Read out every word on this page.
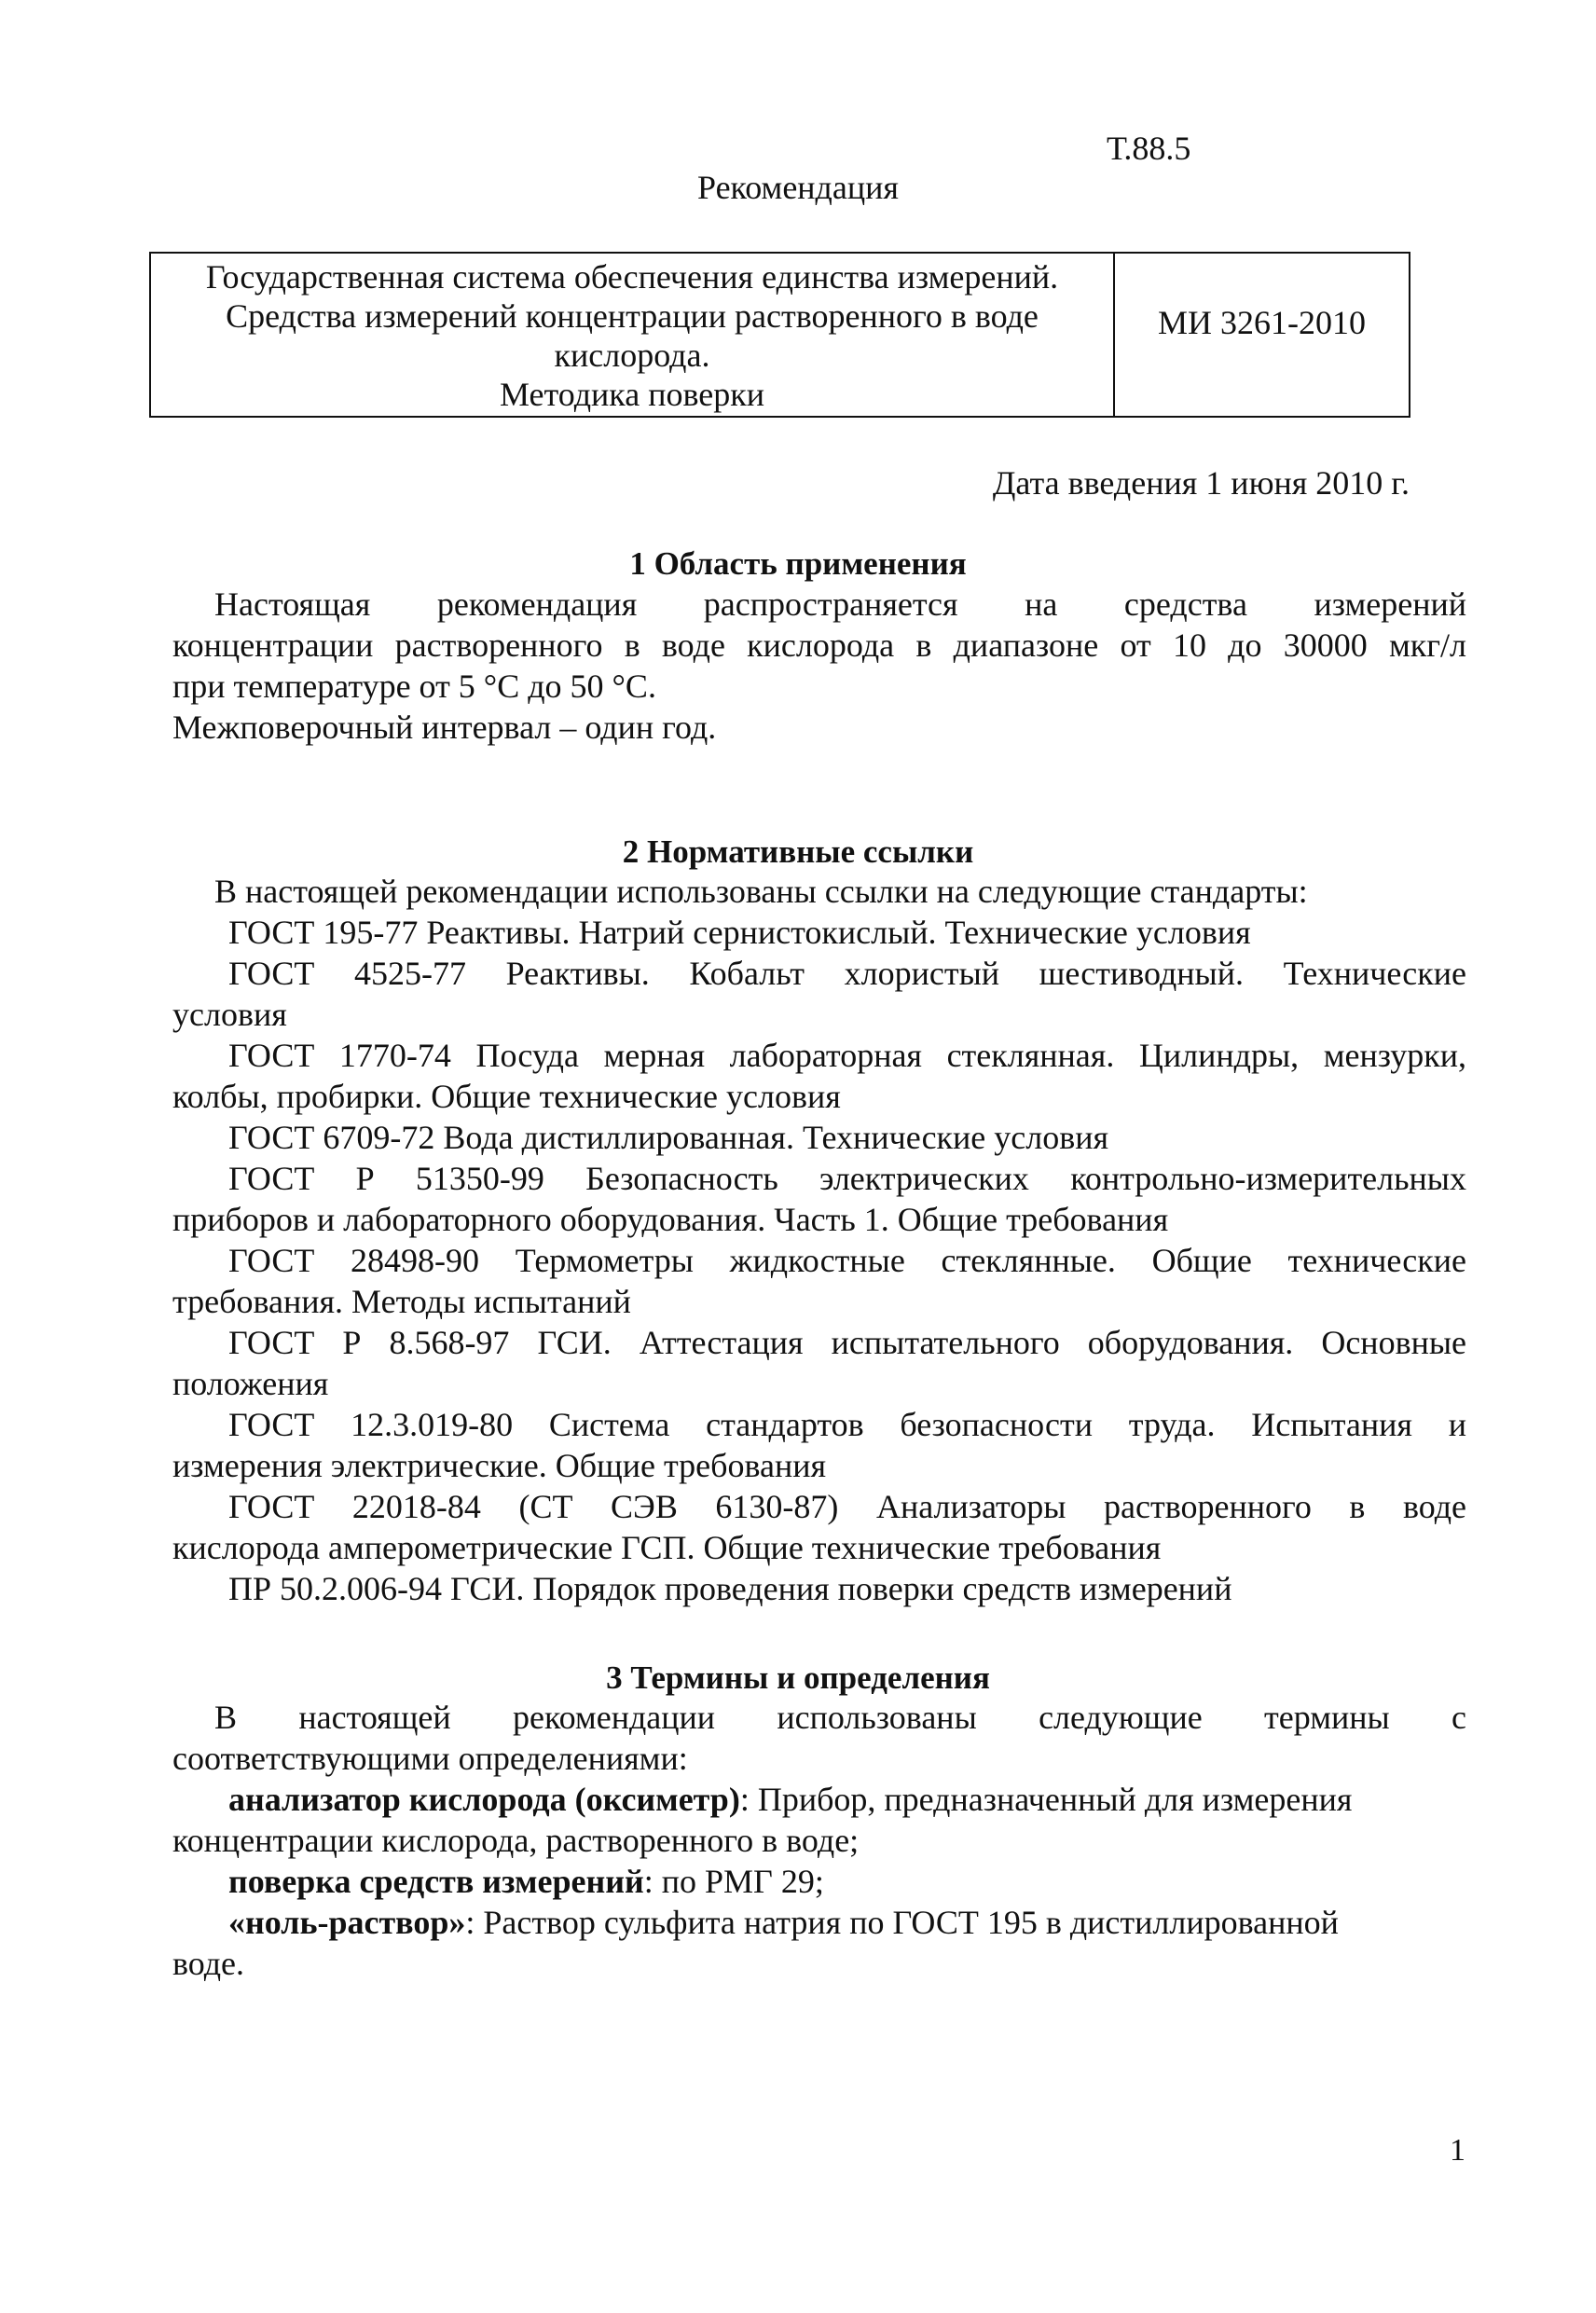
Т.88.5
Рекомендация
Государственная система обеспечения единства измерений.
Средства измерений концентрации растворенного в воде
кислорода.
Методика поверки
МИ 3261-2010
Дата введения 1 июня 2010 г.
1 Область применения
Настоящая рекомендация распространяется на средства измерений
концентрации растворенного в воде кислорода в диапазоне от 10 до 30000 мкг/л
при температуре от 5 °С до 50 °С.
Межповерочный интервал – один год.
2 Нормативные ссылки
В настоящей рекомендации использованы ссылки на следующие стандарты:
ГОСТ 195-77 Реактивы. Натрий сернистокислый. Технические условия
ГОСТ 4525-77 Реактивы. Кобальт хлористый шестиводный. Технические
условия
ГОСТ 1770-74 Посуда мерная лабораторная стеклянная. Цилиндры, мензурки,
колбы, пробирки. Общие технические условия
ГОСТ 6709-72 Вода дистиллированная. Технические условия
ГОСТ Р 51350-99 Безопасность электрических контрольно-измерительных
приборов и лабораторного оборудования. Часть 1. Общие требования
ГОСТ 28498-90 Термометры жидкостные стеклянные. Общие технические
требования. Методы испытаний
ГОСТ Р 8.568-97 ГСИ. Аттестация испытательного оборудования. Основные
положения
ГОСТ 12.3.019-80 Система стандартов безопасности труда. Испытания и
измерения электрические. Общие требования
ГОСТ 22018-84 (СТ СЭВ 6130-87) Анализаторы растворенного в воде
кислорода амперометрические ГСП. Общие технические требования
ПР 50.2.006-94 ГСИ. Порядок проведения поверки средств измерений
3 Термины и определения
В настоящей рекомендации использованы следующие термины с
соответствующими определениями:
анализатор кислорода (оксиметр): Прибор, предназначенный для измерения
концентрации кислорода, растворенного в воде;
поверка средств измерений: по РМГ 29;
«ноль-раствор»: Раствор сульфита натрия по ГОСТ 195 в дистиллированной
воде.
1
